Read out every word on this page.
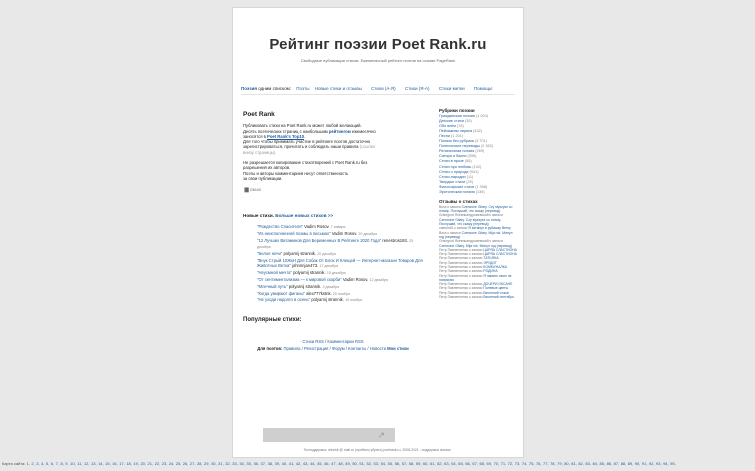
Рейтинг поэзии Poet Rank.ru
Свободные публикации стихов. Ежемесячный рейтинг поэтов на основе PageRank
Поэзия одним списком: Поэты Новые стихи и отзывы Стихи (А-Я) Стихи (Я-А) Стихи метки Помощь!
Poet Rank

Публиковать стихи на Poet Rank.ru может любой желающий.

Десять поэтических страниц с наибольшим рейтингом ежемесячно

заносятся в Poet Rank's Top10.

Для того чтобы принимать участие в рейтинге поэтов достаточно

зарегистрироваться, прочитать и соблюдать наши правила (ссылки

внизу страницы).

Не разрешается копирование стихотворений с Poet Rank.ru без

разрешения их авторов.

Поэты и авторы комментариев несут ответственность

за свои публикации.

▐█ 23640
Новые стихи. Больше новых стихов >>
"Рождество Спасителя" Vadim Rosov. 7 января
"Из неисполненной поэмы в письмах" Vadim Rosov. 20 декабря
"12 Лучших Витаминов Для Беременных В Рейтинге 2020 Года" renestros193. 25 декабря
"Белое ночи" polyarnij strannik. 20 декабря
"Внук Стрый 10ЖкН Для Собак От Блох И Клещей — Интернет-магазин Товаров Для Животных Ветка" johnnnjan473. 17 декабря
"Неусмной мечта" polyarnij strannik. 15 декабря
"От сентиментализма — к мировой скорби" Vadim Rosov. 12 декабря
"Млечный путь" polyarnij strannik. 3 декабря
"Когда умирают фиганы" alex777kstnk. 20 ноября
"Не уходи надолго в осень" polyarnij strannik. 10 ноября
Популярные стихи:
Стихи RSS / Комментарии RSS
Для поэтов: Правила / Регистрация / Форум / Контакты / Новости Мои стихи
Рубрики поэзии
Гражданская поэзия (1 004)
Детские стихи (35)
Обо всём (78)
Пейзажная лирика (432)
Песни (1 201)
Поэзия без рубрики (3 701)
Поэтические переводы (2 363)
Религиозная поэзия (269)
Сатира и басни (396)
Стихи в прозе (56)
Стихи про любовь (102)
Стихи о природе (941)
Стихи-пародии (11)
Твердые стихи (29)
Философские стихи (1 398)
Эротическая поэзия (136)
Отзывы о стихах
Boss к записи Czerwone Gitary. Czy słyszysz co mówię. Послушай, что скажу (перевод)
Grisegord Ясевльандрсмевский к записи Czerwone Gitary. Czy słyszysz co mówię. Послушай, что скажу (перевод)
vaksim16 к записи Я затянул в рубашку Ветку
Boss к записи Czerwone Gitary. Mija rok. Минул год (перевод)
Grisegord Ясевльандрсмевский к записи Czerwone Gitary. Mija rok. Минул год (перевод)
Петр Павленченко к записи ЦАРЯА СЛАСТИОНА
Петр Павленченко к записи ЦАРЯА СЛАСТИОНА
Петр Павленченко к записи ТАТЬЯНА
Петр Павленченко к записи ЭРУДИТ
Петр Павленченко к записи КОММУНАЛКА
Петр Павленченко к записи РОДИНА
Петр Павленченко к записи Я память свою не напрягаю
Петр Павленченко к записи ДОЧЕРИ ОКСАНЕ
Петр Павленченко к записи Полевые цветы
Петр Павленченко к записи Весенний отзыв
Петр Павленченко к записи Весенний сентябрь
↗
Техподдержка: rekvisit @ mail.ru (пробелы убрать) poetrank.ru, 2008-2021 - поддержка поэзии
Карта сайта: 1, 2, 3, 4, 5, 6, 7, 8, 9, 10, 11, 12, 13, 14, 15, 16, 17, 18, 19, 20, 21, 22, 23, 24, 25, 26, 27, 28, 29, 30, 31, 32, 33, 34, 35, 36, 37, 38, 39, 40, 41, 42, 43, 44, 45, 46, 47, 48, 49, 50, 51, 52, 53, 54, 55, 56, 57, 58, 59, 60, 61, 62, 63, 64, 65, 66, 67, 68, 69, 70, 71, 72, 73, 74, 75, 76, 77, 78, 79, 80, 81, 82, 83, 84, 85, 86, 87, 88, 89, 90, 91, 92, 93, 94, 95,
